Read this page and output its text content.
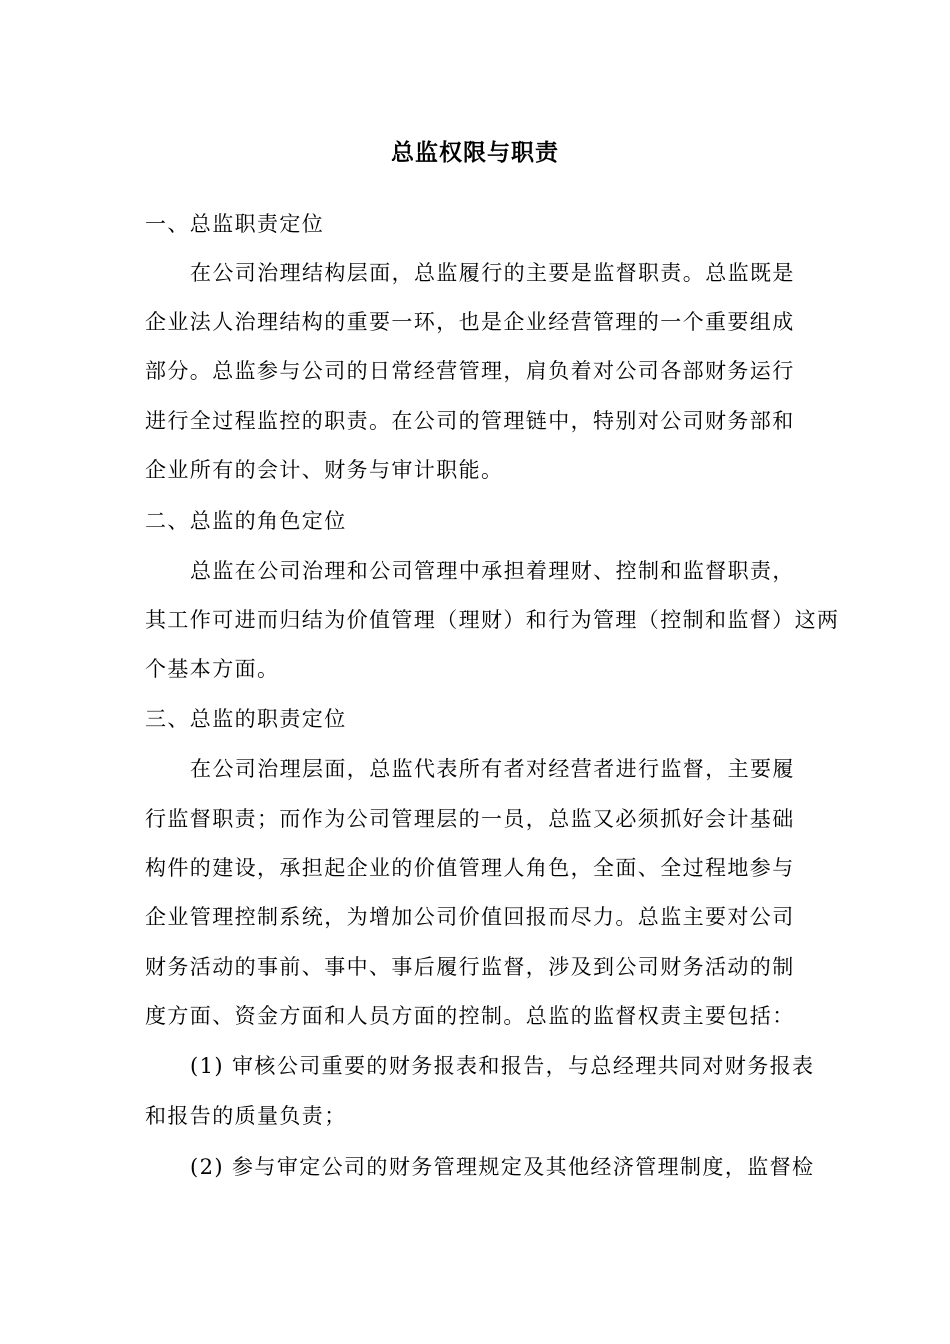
总监权限与职责
一、总监职责定位
在公司治理结构层面，总监履行的主要是监督职责。总监既是
企业法人治理结构的重要一环，也是企业经营管理的一个重要组成
部分。总监参与公司的日常经营管理，肩负着对公司各部财务运行
进行全过程监控的职责。在公司的管理链中，特别对公司财务部和
企业所有的会计、财务与审计职能。
二、总监的角色定位
总监在公司治理和公司管理中承担着理财、控制和监督职责，
其工作可进而归结为价值管理（理财）和行为管理（控制和监督）这两
个基本方面。
三、总监的职责定位
在公司治理层面，总监代表所有者对经营者进行监督，主要履
行监督职责；而作为公司管理层的一员，总监又必须抓好会计基础
构件的建设，承担起企业的价值管理人角色，全面、全过程地参与
企业管理控制系统，为增加公司价值回报而尽力。总监主要对公司
财务活动的事前、事中、事后履行监督，涉及到公司财务活动的制
度方面、资金方面和人员方面的控制。总监的监督权责主要包括：
(1) 审核公司重要的财务报表和报告，与总经理共同对财务报表
和报告的质量负责；
(2) 参与审定公司的财务管理规定及其他经济管理制度，监督检
